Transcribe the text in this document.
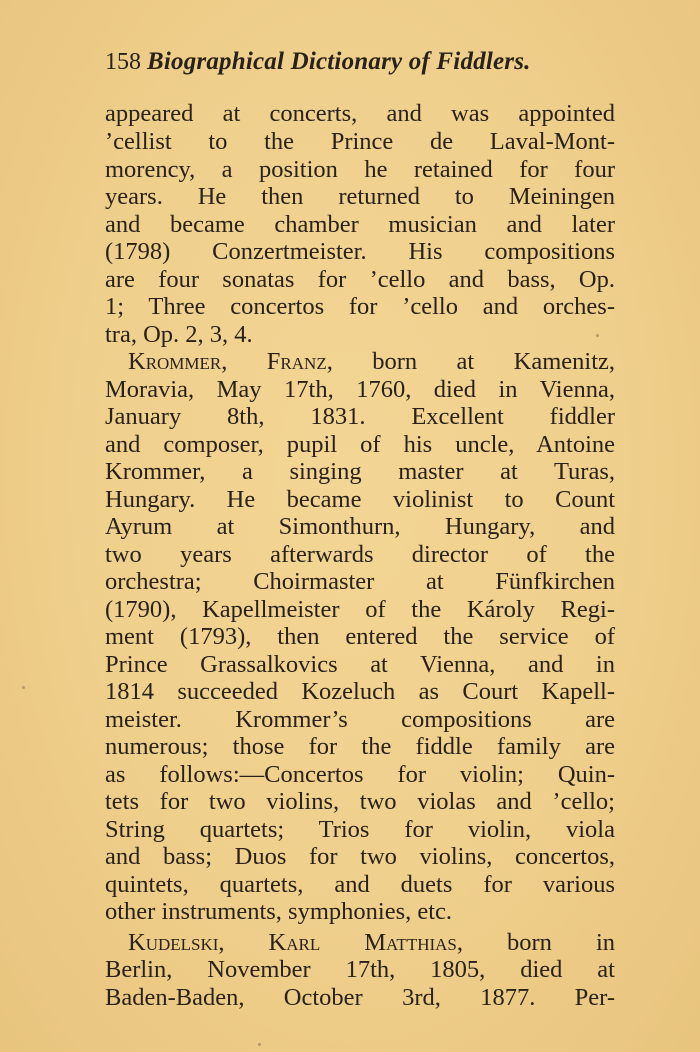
158 Biographical Dictionary of Fiddlers.
appeared at concerts, and was appointed
’cellist to the Prince de Laval-Mont-
morency, a position he retained for four
years. He then returned to Meiningen
and became chamber musician and later
(1798) Conzertmeister. His compositions
are four sonatas for ’cello and bass, Op.
1; Three concertos for ’cello and orches-
tra, Op. 2, 3, 4.
Krommer, Franz, born at Kamenitz,
Moravia, May 17th, 1760, died in Vienna,
January 8th, 1831. Excellent fiddler
and composer, pupil of his uncle, Antoine
Krommer, a singing master at Turas,
Hungary. He became violinist to Count
Ayrum at Simonthurn, Hungary, and
two years afterwards director of the
orchestra; Choirmaster at Fünfkirchen
(1790), Kapellmeister of the Károly Regi-
ment (1793), then entered the service of
Prince Grassalkovics at Vienna, and in
1814 succeeded Kozeluch as Court Kapell-
meister. Krommer’s compositions are
numerous; those for the fiddle family are
as follows:—Concertos for violin; Quin-
tets for two violins, two violas and ’cello;
String quartets; Trios for violin, viola
and bass; Duos for two violins, concertos,
quintets, quartets, and duets for various
other instruments, symphonies, etc.
Kudelski, Karl Matthias, born in
Berlin, November 17th, 1805, died at
Baden-Baden, October 3rd, 1877. Per-
